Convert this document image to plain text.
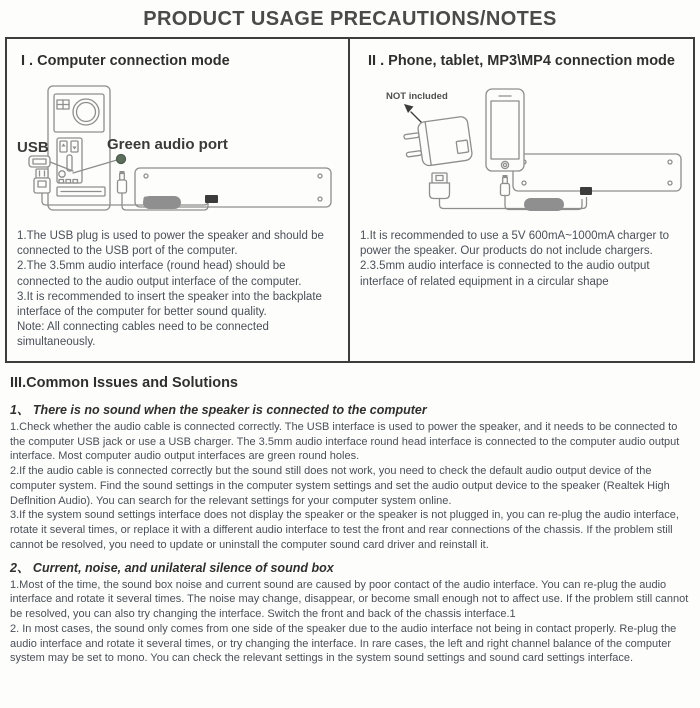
PRODUCT USAGE PRECAUTIONS/NOTES
I . Computer connection mode
USB	Green audio port

1.The USB plug is used to power the speaker and should be connected to the USB port of the computer.

2.The 3.5mm audio interface (round head) should be connected to the audio output interface of the computer.

3.It is recommended to insert the speaker into the backplate interface of the computer for better sound quality.

Note: All connecting cables need to be connected simultaneously.

II . Phone, tablet, MP3\MP4 connection mode
NOT included

1.It is recommended to use a 5V 600mA~1000mA charger to power the speaker. Our products do not include chargers.

2.3.5mm audio interface is connected to the audio output interface of related equipment in a circular shape

III.Common Issues and Solutions
1、 There is no sound when the speaker is connected to the computer

1.Check whether the audio cable is connected correctly. The USB interface is used to power the speaker, and it needs to be connected to the computer USB jack or use a USB charger. The 3.5mm audio interface round head interface is connected to the computer audio output interface. Most computer audio output interfaces are green round holes.

2.If the audio cable is connected correctly but the sound still does not work, you need to check the default audio output device of the computer system. Find the sound settings in the computer system settings and set the audio output device to the speaker (Realtek High Deflnition Audio). You can search for the relevant settings for your computer system online.

3.If the system sound settings interface does not display the speaker or the speaker is not plugged in, you can re-plug the audio interface, rotate it several times, or replace it with a different audio interface to test the front and rear connections of the chassis. If the problem still cannot be resolved, you need to update or uninstall the computer sound card driver and reinstall it.

2、 Current, noise, and unilateral silence of sound box

1.Most of the time, the sound box noise and current sound are caused by poor contact of the audio interface. You can re-plug the audio interface and rotate it several times. The noise may change, disappear, or become small enough not to affect use. If the problem still cannot be resolved, you can also try changing the interface. Switch the front and back of the chassis interface.1

2. In most cases, the sound only comes from one side of the speaker due to the audio interface not being in contact properly. Re-plug the audio interface and rotate it several times, or try changing the interface. In rare cases, the left and right channel balance of the computer system may be set to mono. You can check the relevant settings in the system sound settings and sound card settings interface.
